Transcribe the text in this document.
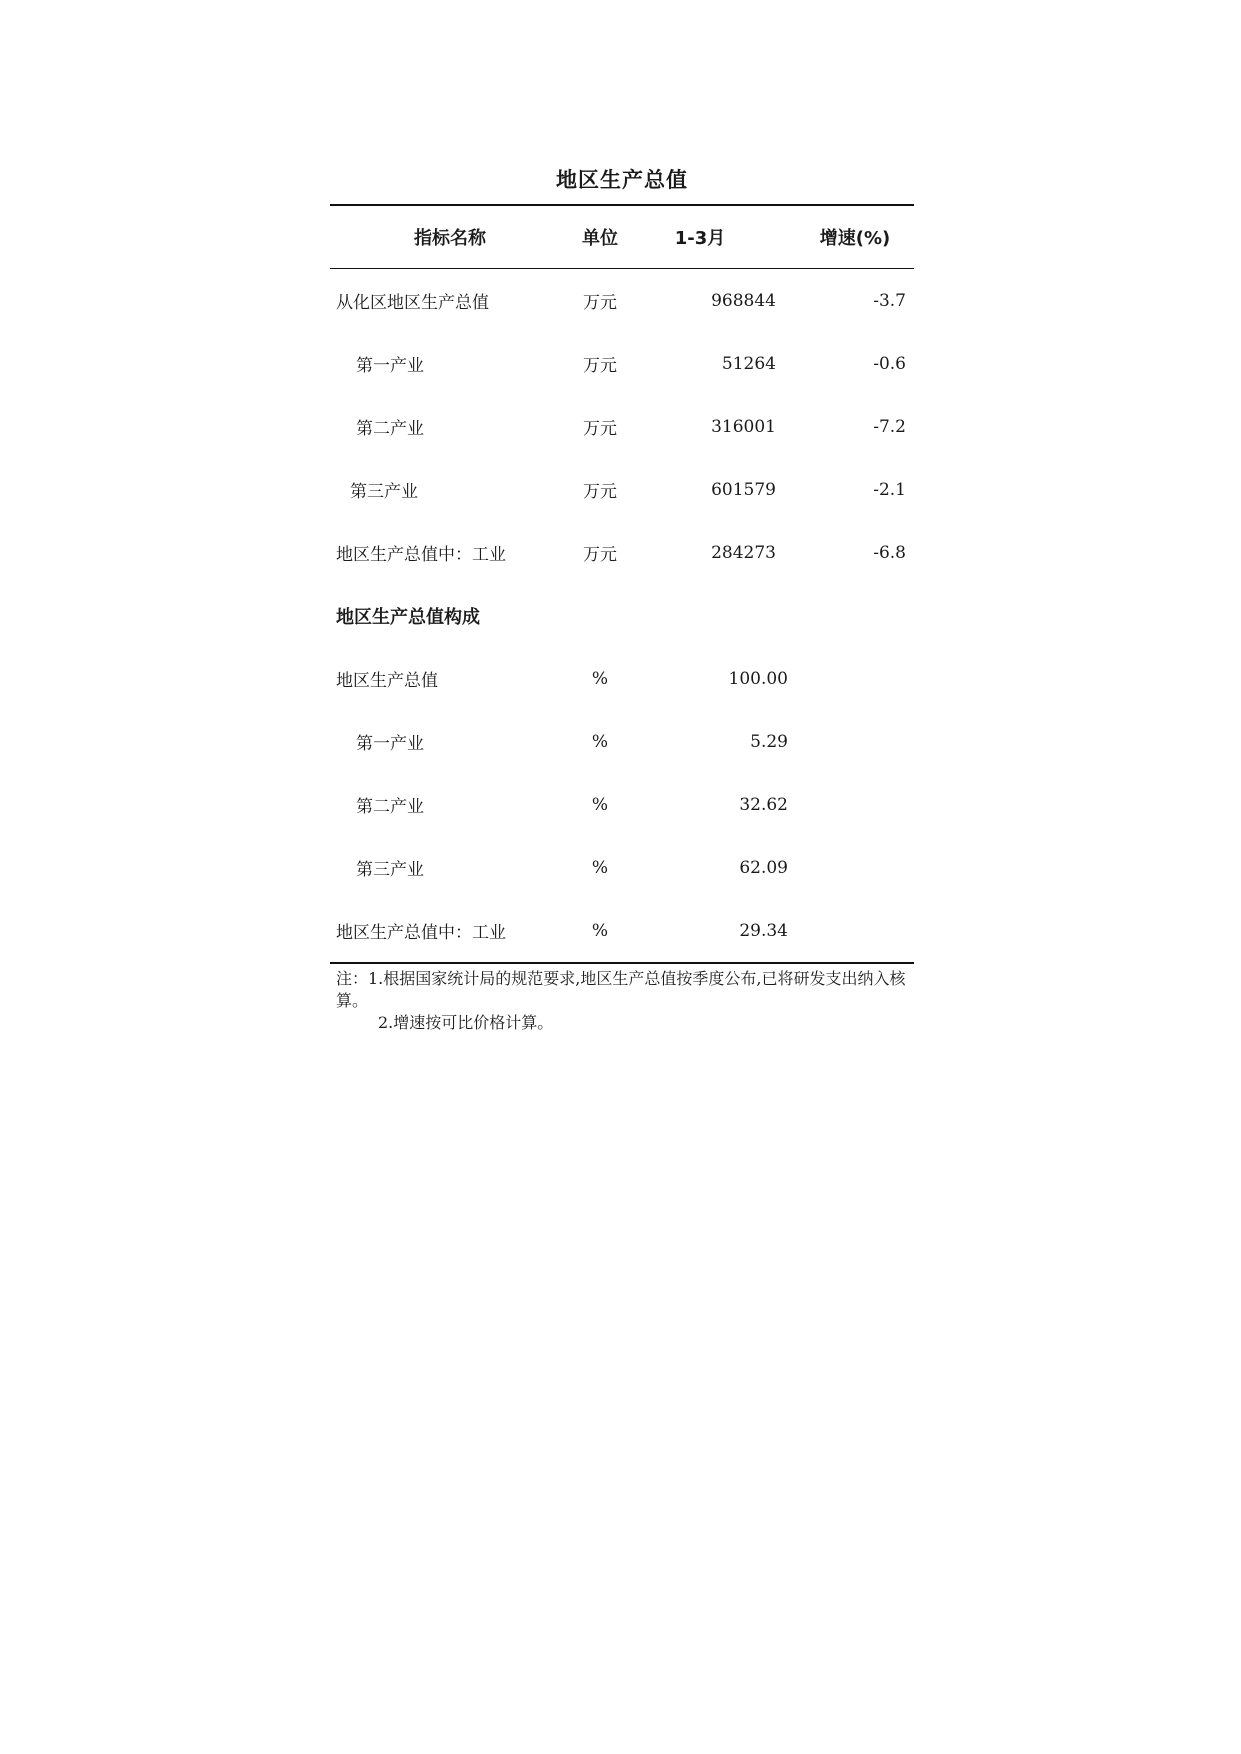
地区生产总值
指标名称	单位	1-3月	增速(%)
从化区地区生产总值	万元	968844	-3.7
第一产业	万元	51264	-0.6
第二产业	万元	316001	-7.2
第三产业	万元	601579	-2.1
地区生产总值中：工业	万元	284273	-6.8
地区生产总值构成
地区生产总值	%	100.00
第一产业	%	5.29
第二产业	%	32.62
第三产业	%	62.09
地区生产总值中：工业	%	29.34
注：1.根据国家统计局的规范要求,地区生产总值按季度公布,已将研发支出纳入核算。
2.增速按可比价格计算。
